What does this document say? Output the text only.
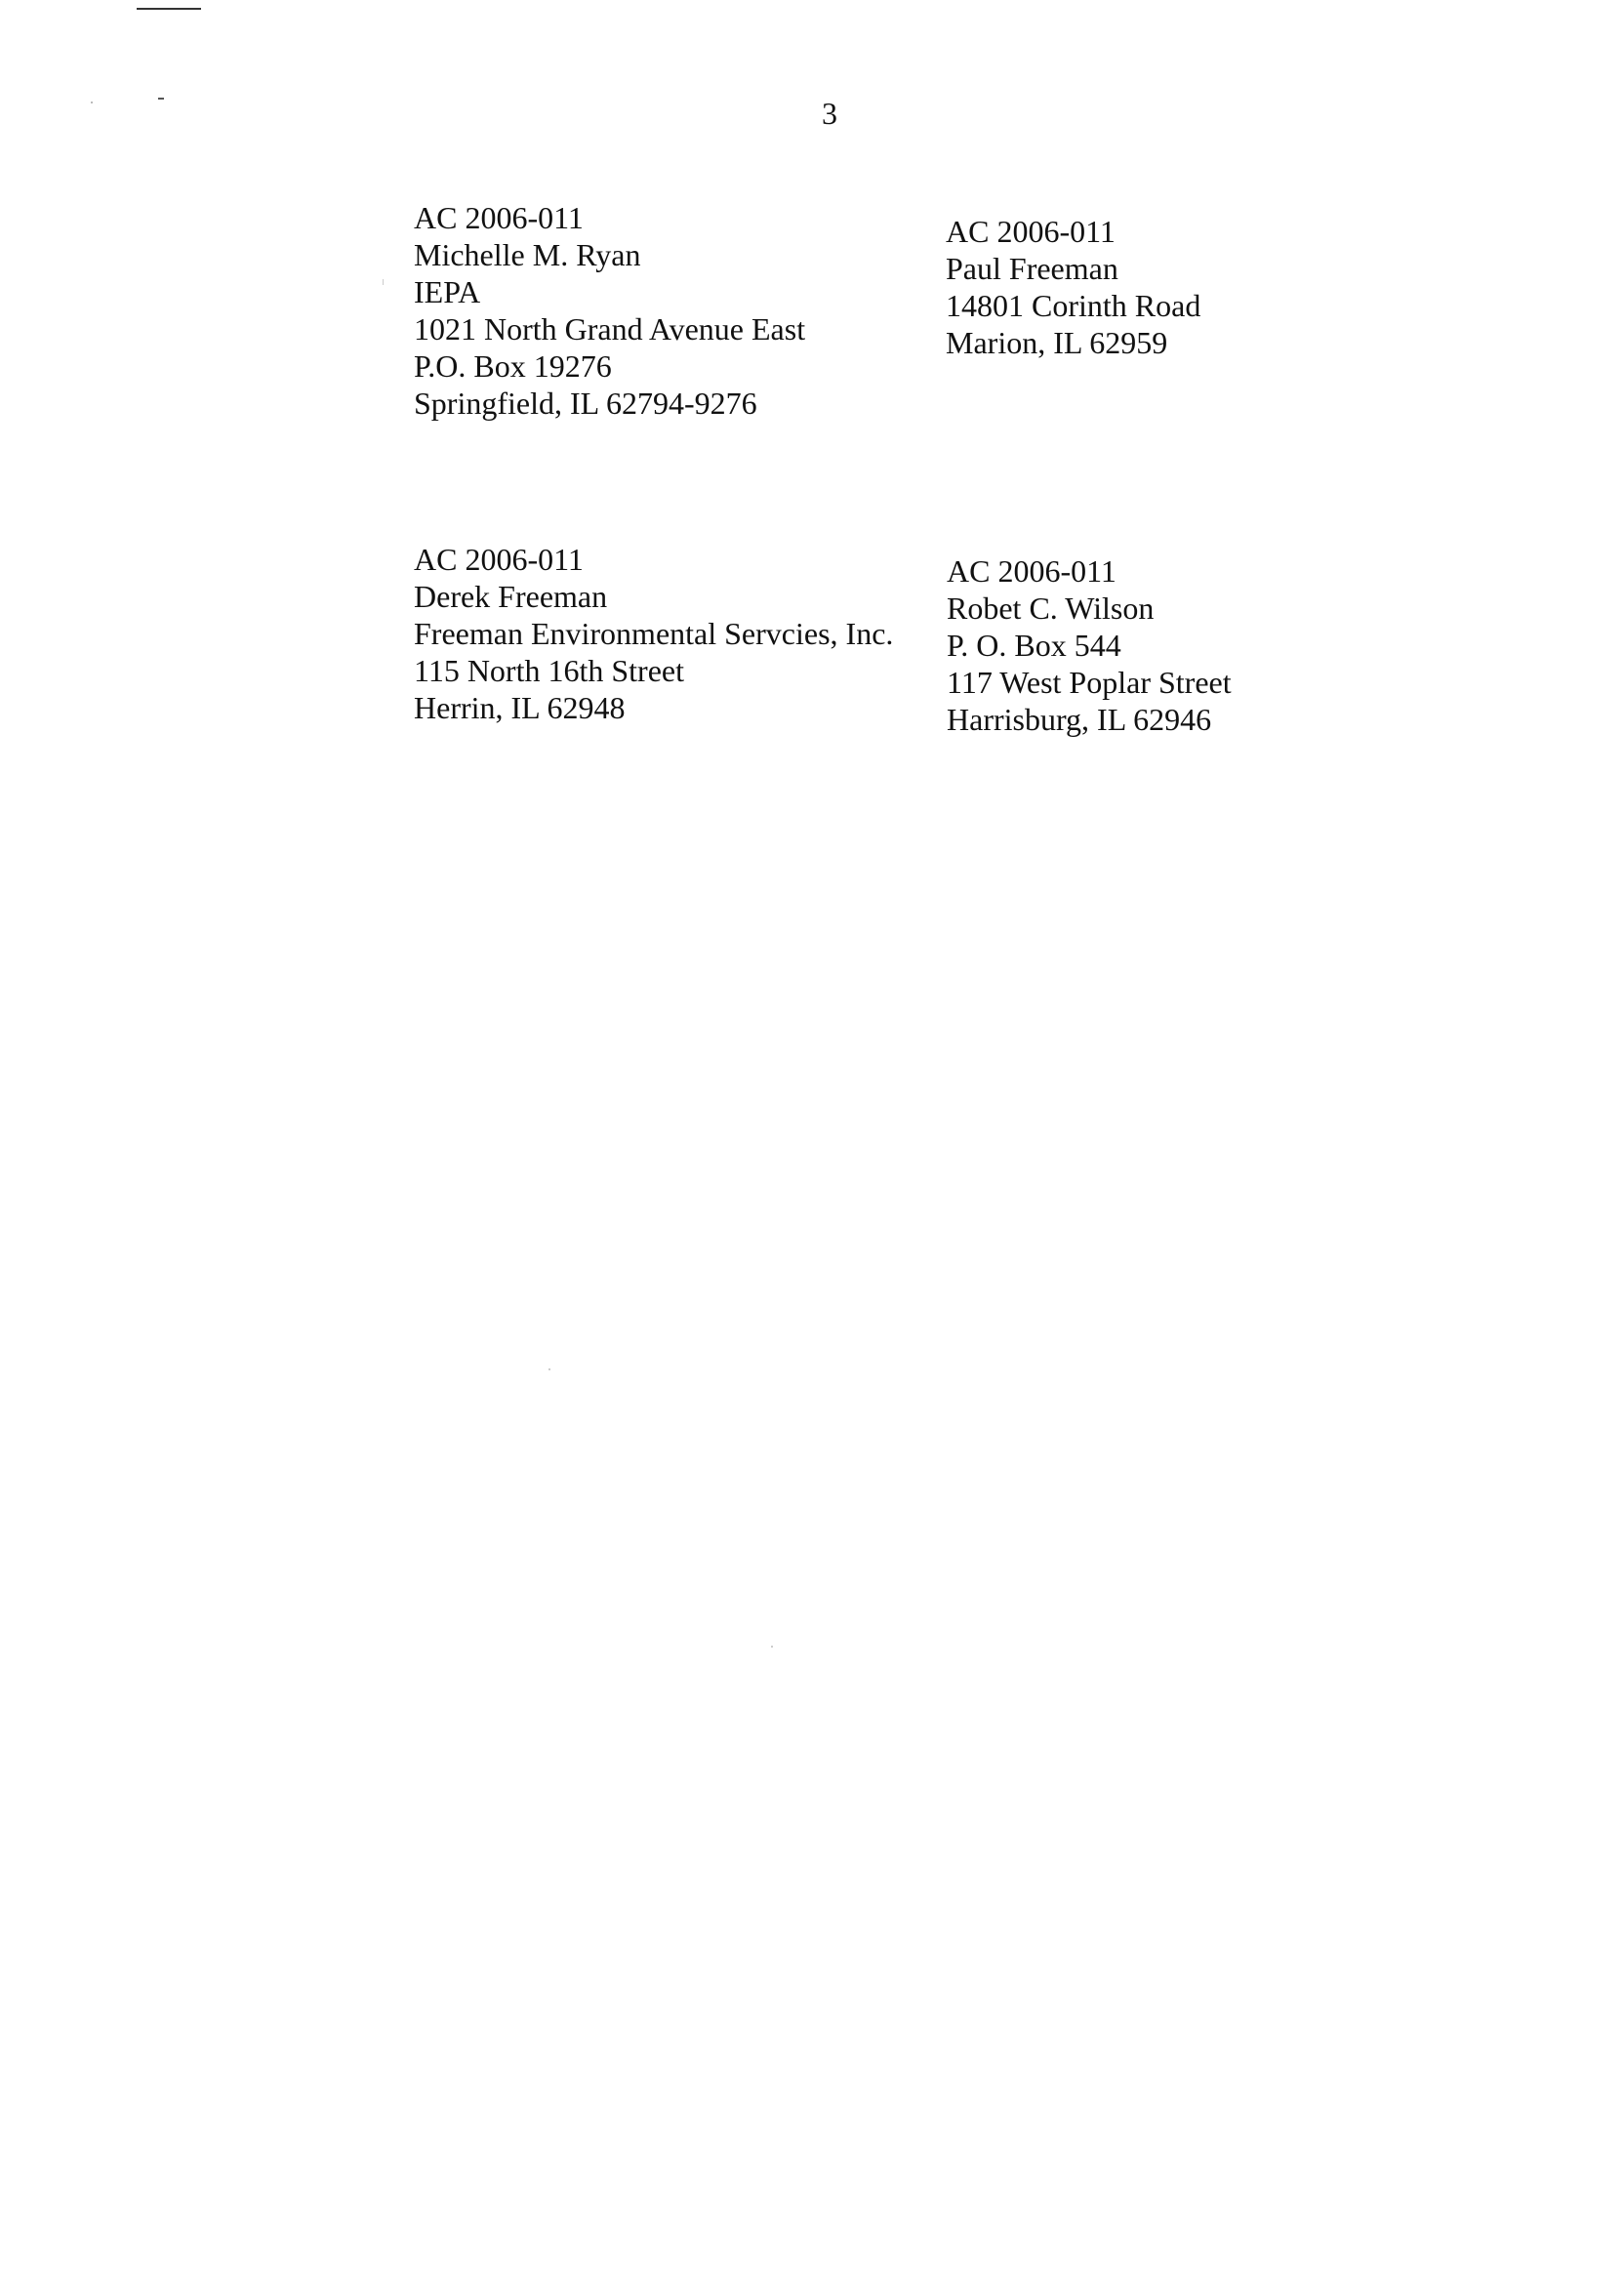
3
AC 2006-011
Michelle M. Ryan
IEPA
1021 North Grand Avenue East
P.O. Box 19276
Springfield, IL 62794-9276
AC 2006-011
Paul Freeman
14801 Corinth Road
Marion, IL 62959
AC 2006-011
Derek Freeman
Freeman Environmental Servcies, Inc.
115 North 16th Street
Herrin, IL 62948
AC 2006-011
Robet C. Wilson
P. O. Box 544
117 West Poplar Street
Harrisburg, IL 62946
